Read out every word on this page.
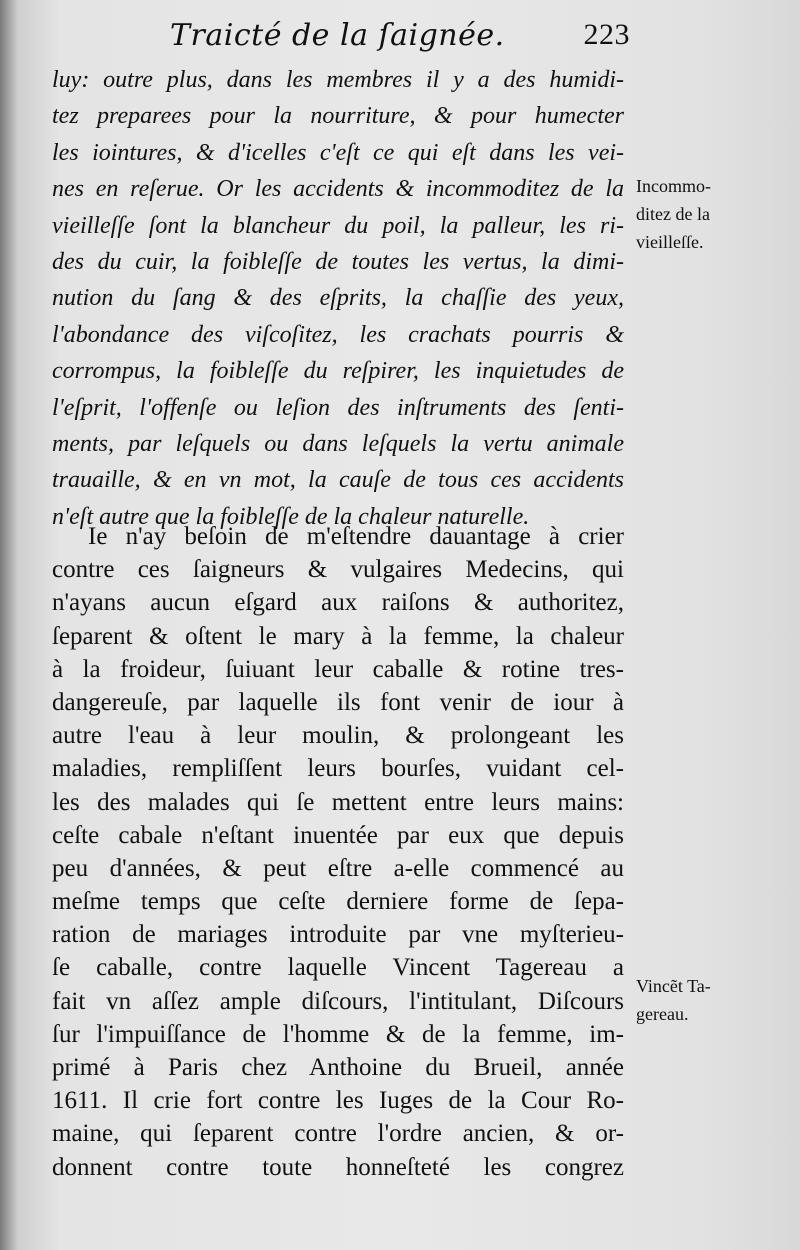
Traicté de la ſaignée.	223
luy: outre plus, dans les membres il y a des humidi-
tez preparees pour la nourriture, & pour humecter
les iointures, & d'icelles c'eſt ce qui eſt dans les vei-
nes en reſerue. Or les accidents & incommoditez de la
vieilleſſe ſont la blancheur du poil, la palleur, les ri-
des du cuir, la foibleſſe de toutes les vertus, la dimi-
nution du ſang & des eſprits, la chaſſie des yeux,
l'abondance des viſcoſitez, les crachats pourris &
corrompus, la foibleſſe du reſpirer, les inquietudes de
l'eſprit, l'offenſe ou leſion des inſtruments des ſenti-
ments, par leſquels ou dans leſquels la vertu animale
trauaille, & en vn mot, la cauſe de tous ces accidents
n'eſt autre que la foibleſſe de la chaleur naturelle.
Ie n'ay beſoin de m'eſtendre dauantage à crier
contre ces ſaigneurs & vulgaires Medecins, qui
n'ayans aucun eſgard aux raiſons & authoritez,
ſeparent & oſtent le mary à la femme, la chaleur
à la froideur, ſuiuant leur caballe & rotine tres-
dangereuſe, par laquelle ils font venir de iour à
autre l'eau à leur moulin, & prolongeant les
maladies, rempliſſent leurs bourſes, vuidant cel-
les des malades qui ſe mettent entre leurs mains:
ceſte cabale n'eſtant inuentée par eux que depuis
peu d'années, & peut eſtre a-elle commencé au
meſme temps que ceſte derniere forme de ſepa-
ration de mariages introduite par vne myſterieu-
ſe caballe, contre laquelle Vincent Tagereau a
fait vn aſſez ample diſcours, l'intitulant, Diſcours
ſur l'impuiſſance de l'homme & de la femme, im-
primé à Paris chez Anthoine du Brueil, année
1611. Il crie fort contre les Iuges de la Cour Ro-
maine, qui ſeparent contre l'ordre ancien, & or-
donnent contre toute honneſteté les congrez
Incommo-
ditez de la
vieilleſſe.
Vincẽt Ta-
gereau.
